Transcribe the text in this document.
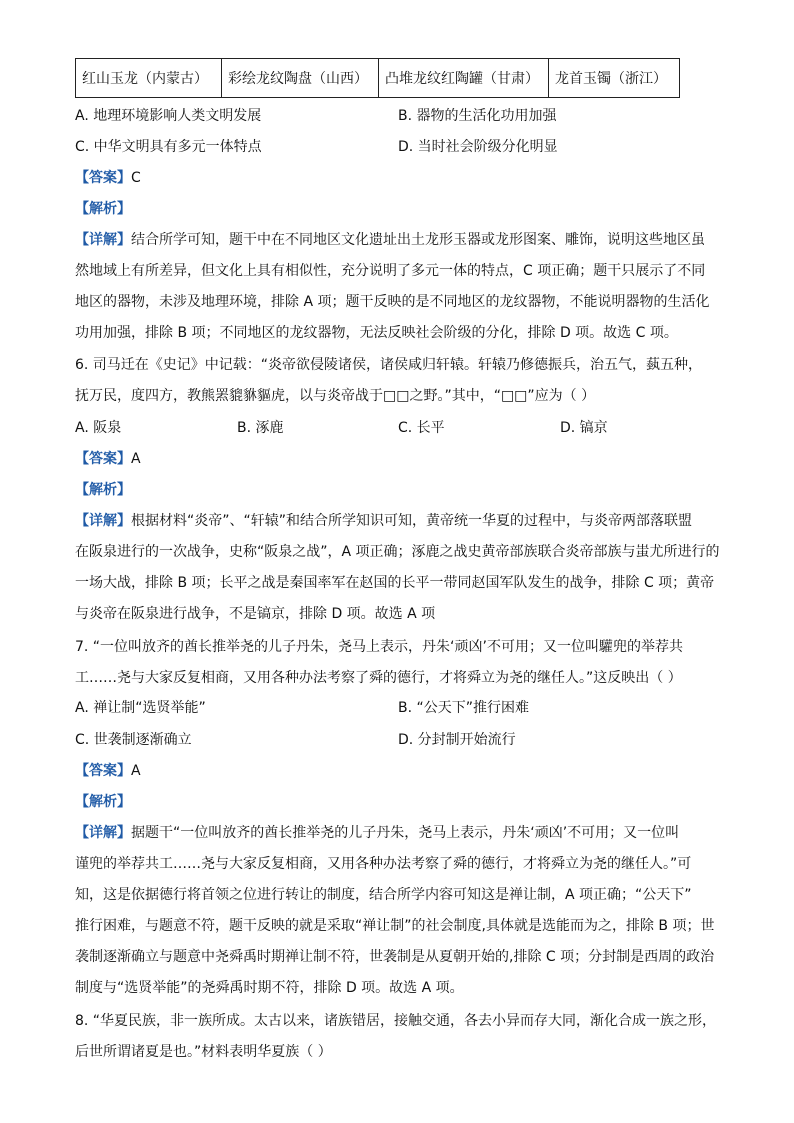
红山玉龙（内蒙古）	彩绘龙纹陶盘（山西）	凸堆龙纹红陶罐（甘肃）	龙首玉镯（浙江）
A. 地理环境影响人类文明发展	B. 器物的生活化功用加强
C. 中华文明具有多元一体特点	D. 当时社会阶级分化明显
【答案】C
【解析】

【详解】结合所学可知，题干中在不同地区文化遗址出土龙形玉器或龙形图案、雕饰，说明这些地区虽

然地域上有所差异，但文化上具有相似性，充分说明了多元一体的特点，C 项正确；题干只展示了不同

地区的器物，未涉及地理环境，排除 A 项；题干反映的是不同地区的龙纹器物，不能说明器物的生活化

功用加强，排除 B 项；不同地区的龙纹器物，无法反映社会阶级的分化，排除 D 项。故选 C 项。

6. 司马迁在《史记》中记载：“炎帝欲侵陵诸侯，诸侯咸归轩辕。轩辕乃修德振兵，治五气，蓺五种，

抚万民，度四方，教熊罴貔貅貙虎，以与炎帝战于□□之野。”其中，“□□”应为（ ）

A. 阪泉	B. 涿鹿	C. 长平	D. 镐京
【答案】A
【解析】

【详解】根据材料“炎帝”、“轩辕”和结合所学知识可知，黄帝统一华夏的过程中，与炎帝两部落联盟

在阪泉进行的一次战争，史称“阪泉之战”，A 项正确；涿鹿之战史黄帝部族联合炎帝部族与蚩尤所进行的

一场大战，排除 B 项；长平之战是秦国率军在赵国的长平一带同赵国军队发生的战争，排除 C 项；黄帝

与炎帝在阪泉进行战争，不是镐京，排除 D 项。故选 A 项

7. “一位叫放齐的酋长推举尧的儿子丹朱，尧马上表示，丹朱‘顽凶’不可用；又一位叫驩兜的举荐共

工……尧与大家反复相商，又用各种办法考察了舜的德行，才将舜立为尧的继任人。”这反映出（ ）

A. 禅让制“选贤举能”	B. “公天下”推行困难
C. 世袭制逐渐确立	D. 分封制开始流行
【答案】A
【解析】

【详解】据题干“一位叫放齐的酋长推举尧的儿子丹朱，尧马上表示，丹朱‘顽凶’不可用；又一位叫

谨兜的举荐共工……尧与大家反复相商，又用各种办法考察了舜的德行，才将舜立为尧的继任人。”可

知，这是依据德行将首领之位进行转让的制度，结合所学内容可知这是禅让制，A 项正确；“公天下”

推行困难，与题意不符，题干反映的就是采取“禅让制”的社会制度,具体就是选能而为之，排除 B 项；世

袭制逐渐确立与题意中尧舜禹时期禅让制不符，世袭制是从夏朝开始的,排除 C 项；分封制是西周的政治

制度与“选贤举能”的尧舜禹时期不符，排除 D 项。故选 A 项。

8. “华夏民族，非一族所成。太古以来，诸族错居，接触交通，各去小异而存大同，渐化合成一族之形，

后世所谓诸夏是也。”材料表明华夏族（ ）
